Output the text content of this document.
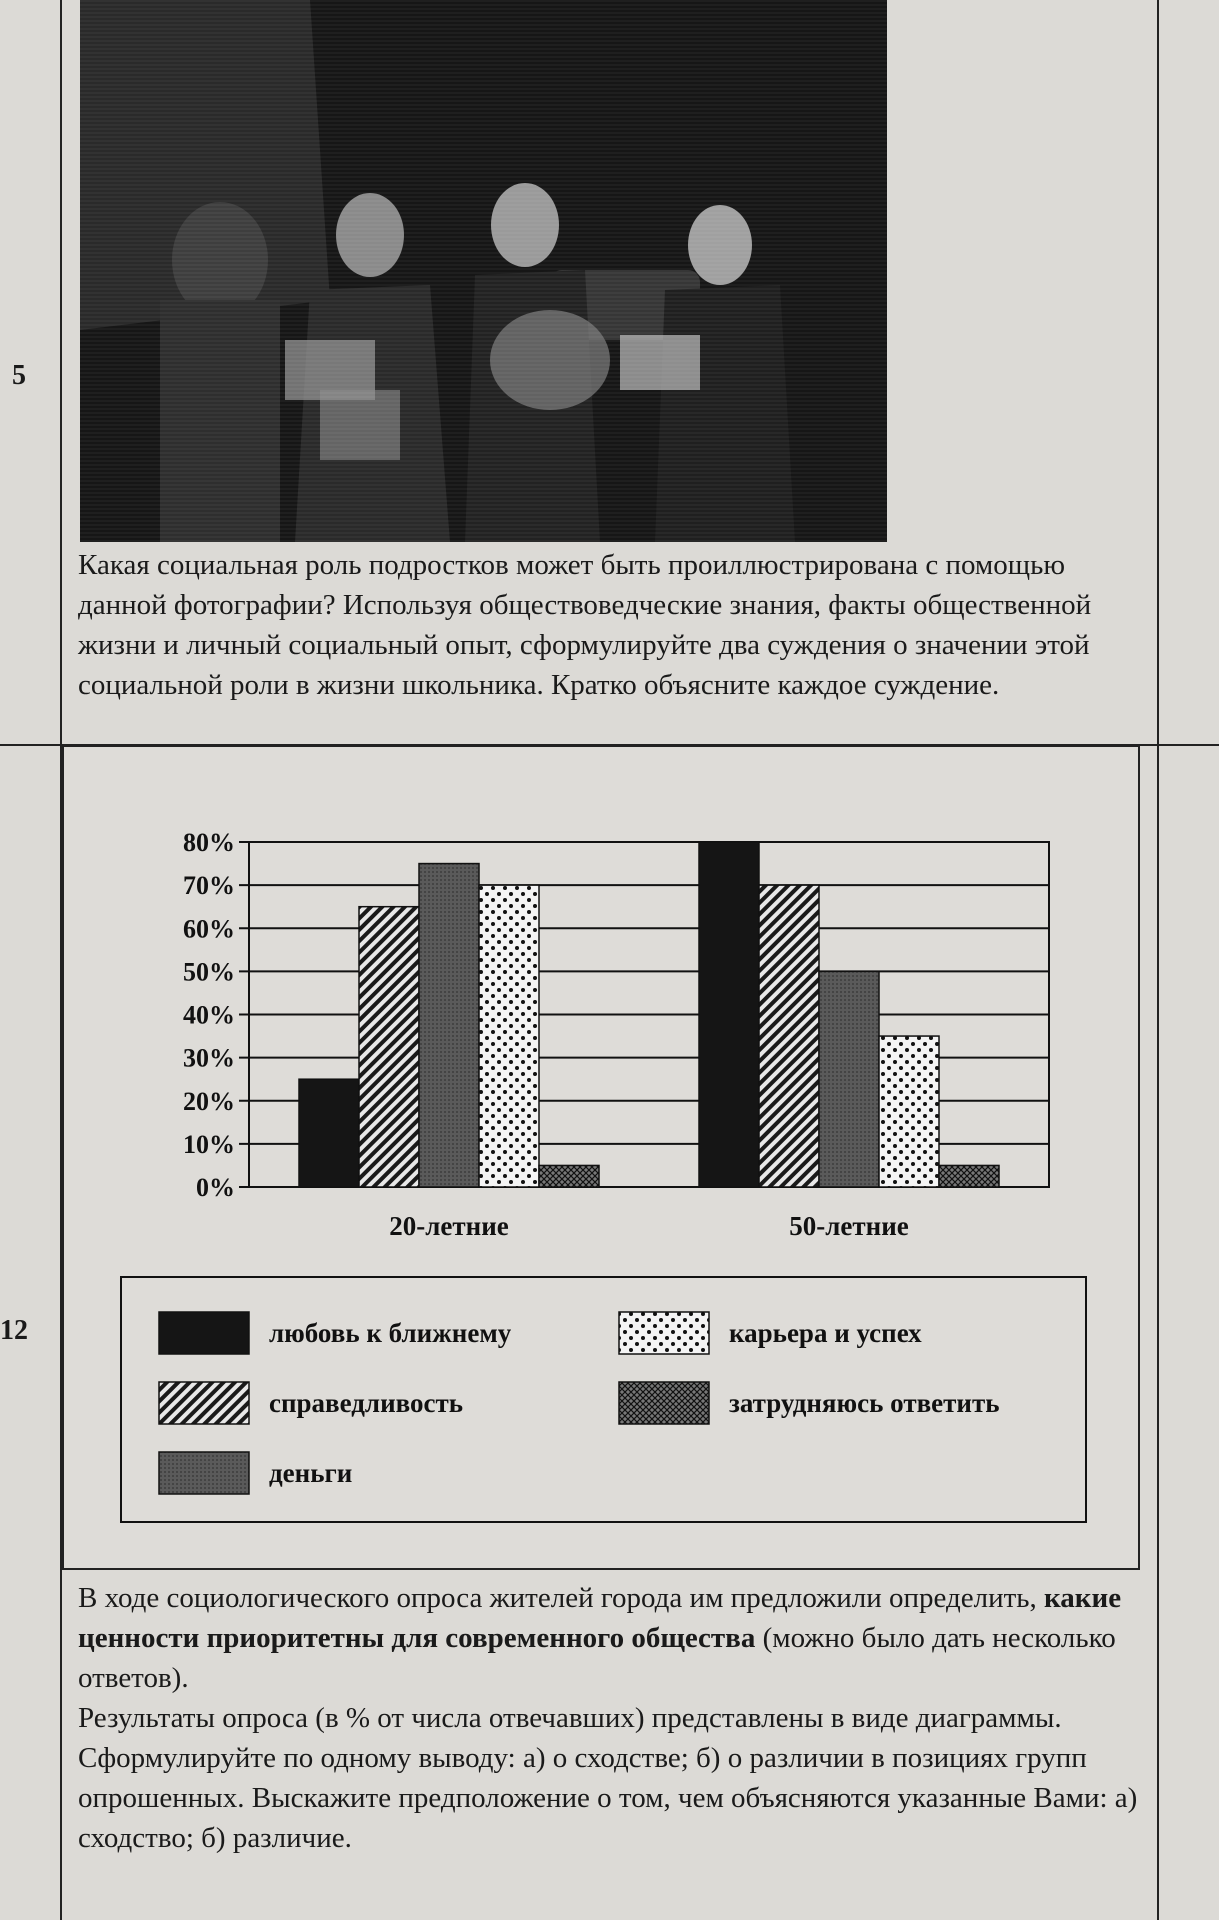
5

Какая социальная роль подростков может быть проиллюстрирована с помощью данной фотографии? Используя обществоведческие знания, факты общественной жизни и личный социальный опыт, сформулируйте два суждения о значении этой социальной роли в жизни школьника. Кратко объясните каждое суждение.

12
0%
10%
20%
30%
40%
50%
60%
70%
80%
20-летние	50-летние
любовь к ближнему
справедливость
деньги
карьера и успех
затрудняюсь ответить

В ходе социологического опроса жителей города им предложили определить, какие ценности приоритетны для современного общества (можно было дать несколько ответов).

Результаты опроса (в % от числа отвечавших) представлены в виде диаграммы. Сформулируйте по одному выводу: а) о сходстве; б) о различии в позициях групп опрошенных. Выскажите предположение о том, чем объясняются указанные Вами: а) сходство; б) различие.
